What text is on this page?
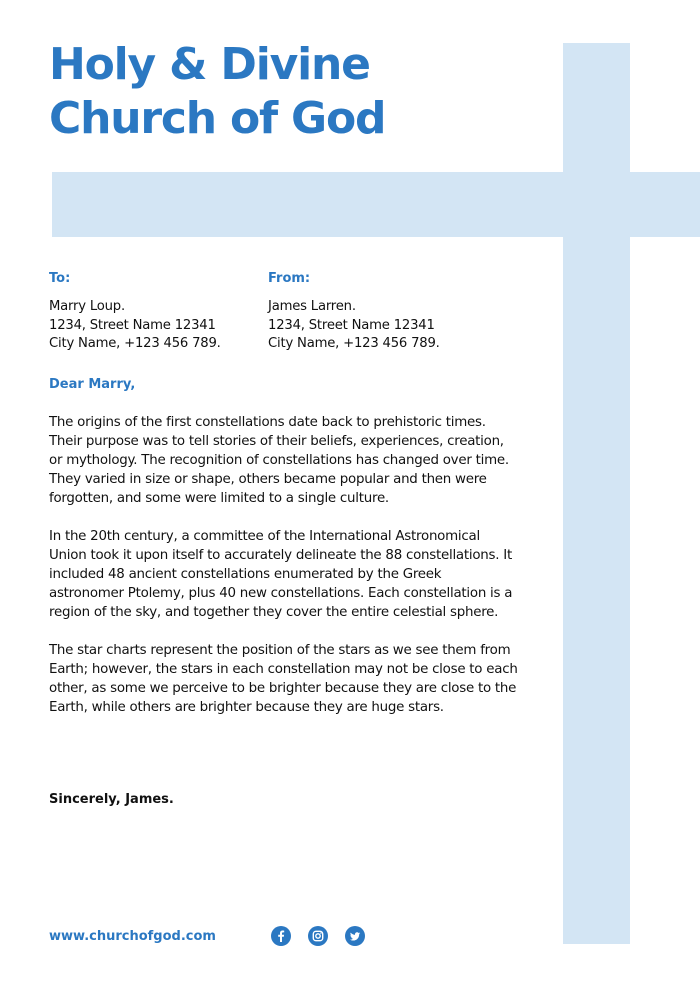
Holy & Divine
Church of God
To:
Marry Loup.
1234, Street Name 12341
City Name, +123 456 789.
From:
James Larren.
1234, Street Name 12341
City Name, +123 456 789.
Dear Marry,

The origins of the first constellations date back to prehistoric times. Their purpose was to tell stories of their beliefs, experiences, creation, or mythology. The recognition of constellations has changed over time. They varied in size or shape, others became popular and then were forgotten, and some were limited to a single culture.

In the 20th century, a committee of the International Astronomical Union took it upon itself to accurately delineate the 88 constellations. It included 48 ancient constellations enumerated by the Greek astronomer Ptolemy, plus 40 new constellations. Each constellation is a region of the sky, and together they cover the entire celestial sphere.

The star charts represent the position of the stars as we see them from Earth; however, the stars in each constellation may not be close to each other, as some we perceive to be brighter because they are close to the Earth, while others are brighter because they are huge stars.

Sincerely, James.
www.churchofgod.com
